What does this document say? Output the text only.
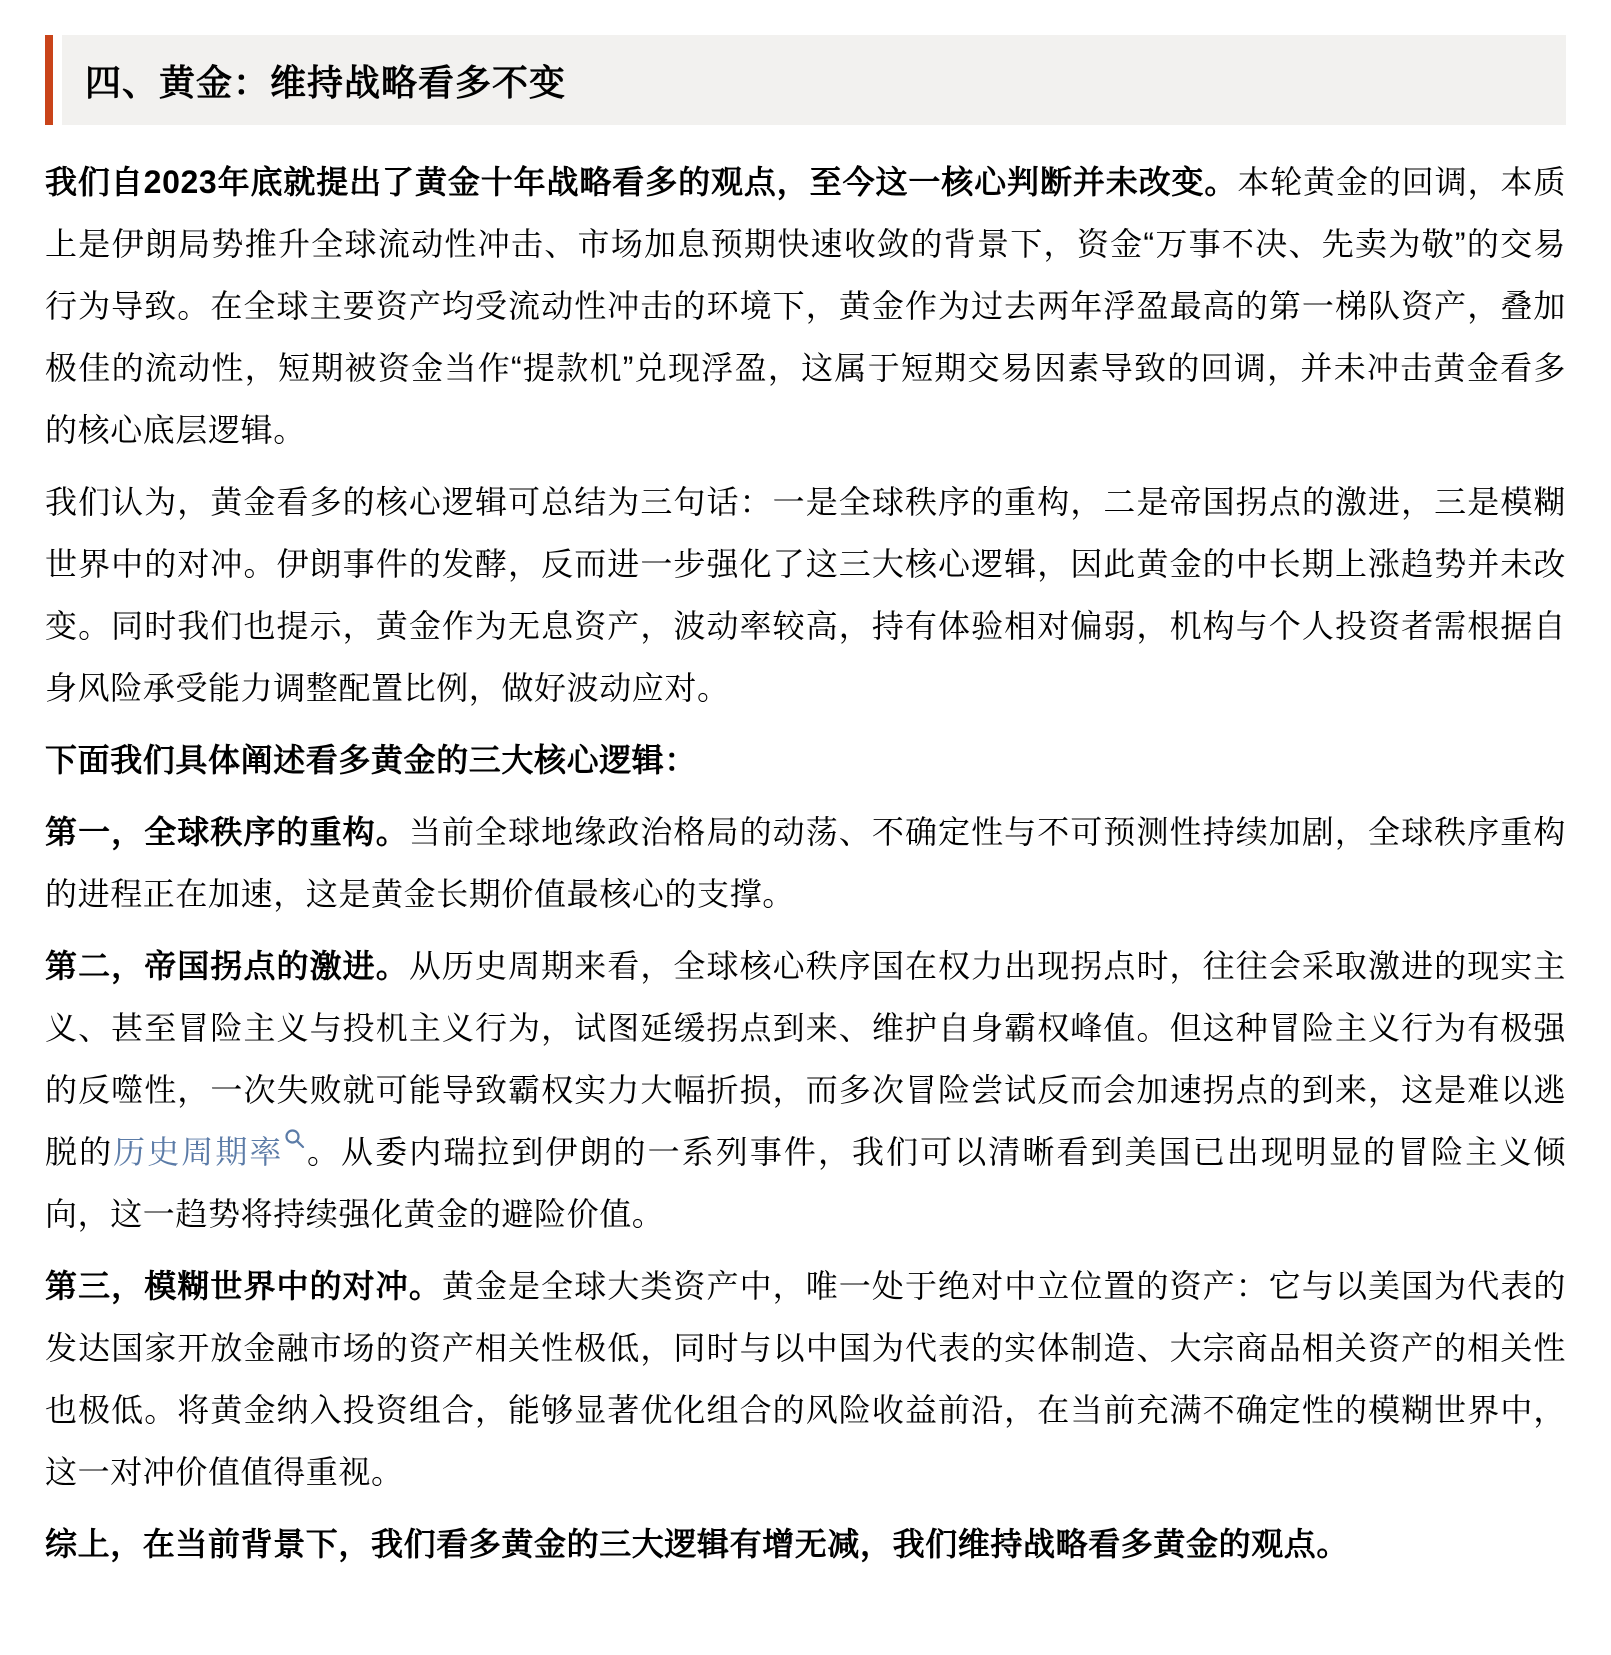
四、黄金：维持战略看多不变

我们自2023年底就提出了黄金十年战略看多的观点，至今这一核心判断并未改变。本轮黄金的回调，本质上是伊朗局势推升全球流动性冲击、市场加息预期快速收敛的背景下，资金“万事不决、先卖为敬”的交易行为导致。在全球主要资产均受流动性冲击的环境下，黄金作为过去两年浮盈最高的第一梯队资产，叠加极佳的流动性，短期被资金当作“提款机”兑现浮盈，这属于短期交易因素导致的回调，并未冲击黄金看多的核心底层逻辑。

我们认为，黄金看多的核心逻辑可总结为三句话：一是全球秩序的重构，二是帝国拐点的激进，三是模糊世界中的对冲。伊朗事件的发酵，反而进一步强化了这三大核心逻辑，因此黄金的中长期上涨趋势并未改变。同时我们也提示，黄金作为无息资产，波动率较高，持有体验相对偏弱，机构与个人投资者需根据自身风险承受能力调整配置比例，做好波动应对。

下面我们具体阐述看多黄金的三大核心逻辑：

第一，全球秩序的重构。当前全球地缘政治格局的动荡、不确定性与不可预测性持续加剧，全球秩序重构的进程正在加速，这是黄金长期价值最核心的支撑。

第二，帝国拐点的激进。从历史周期来看，全球核心秩序国在权力出现拐点时，往往会采取激进的现实主义、甚至冒险主义与投机主义行为，试图延缓拐点到来、维护自身霸权峰值。但这种冒险主义行为有极强的反噬性，一次失败就可能导致霸权实力大幅折损，而多次冒险尝试反而会加速拐点的到来，这是难以逃脱的历史周期率 。从委内瑞拉到伊朗的一系列事件，我们可以清晰看到美国已出现明显的冒险主义倾向，这一趋势将持续强化黄金的避险价值。

第三，模糊世界中的对冲。黄金是全球大类资产中，唯一处于绝对中立位置的资产：它与以美国为代表的发达国家开放金融市场的资产相关性极低，同时与以中国为代表的实体制造、大宗商品相关资产的相关性也极低。将黄金纳入投资组合，能够显著优化组合的风险收益前沿，在当前充满不确定性的模糊世界中，这一对冲价值值得重视。

综上，在当前背景下，我们看多黄金的三大逻辑有增无减，我们维持战略看多黄金的观点。
